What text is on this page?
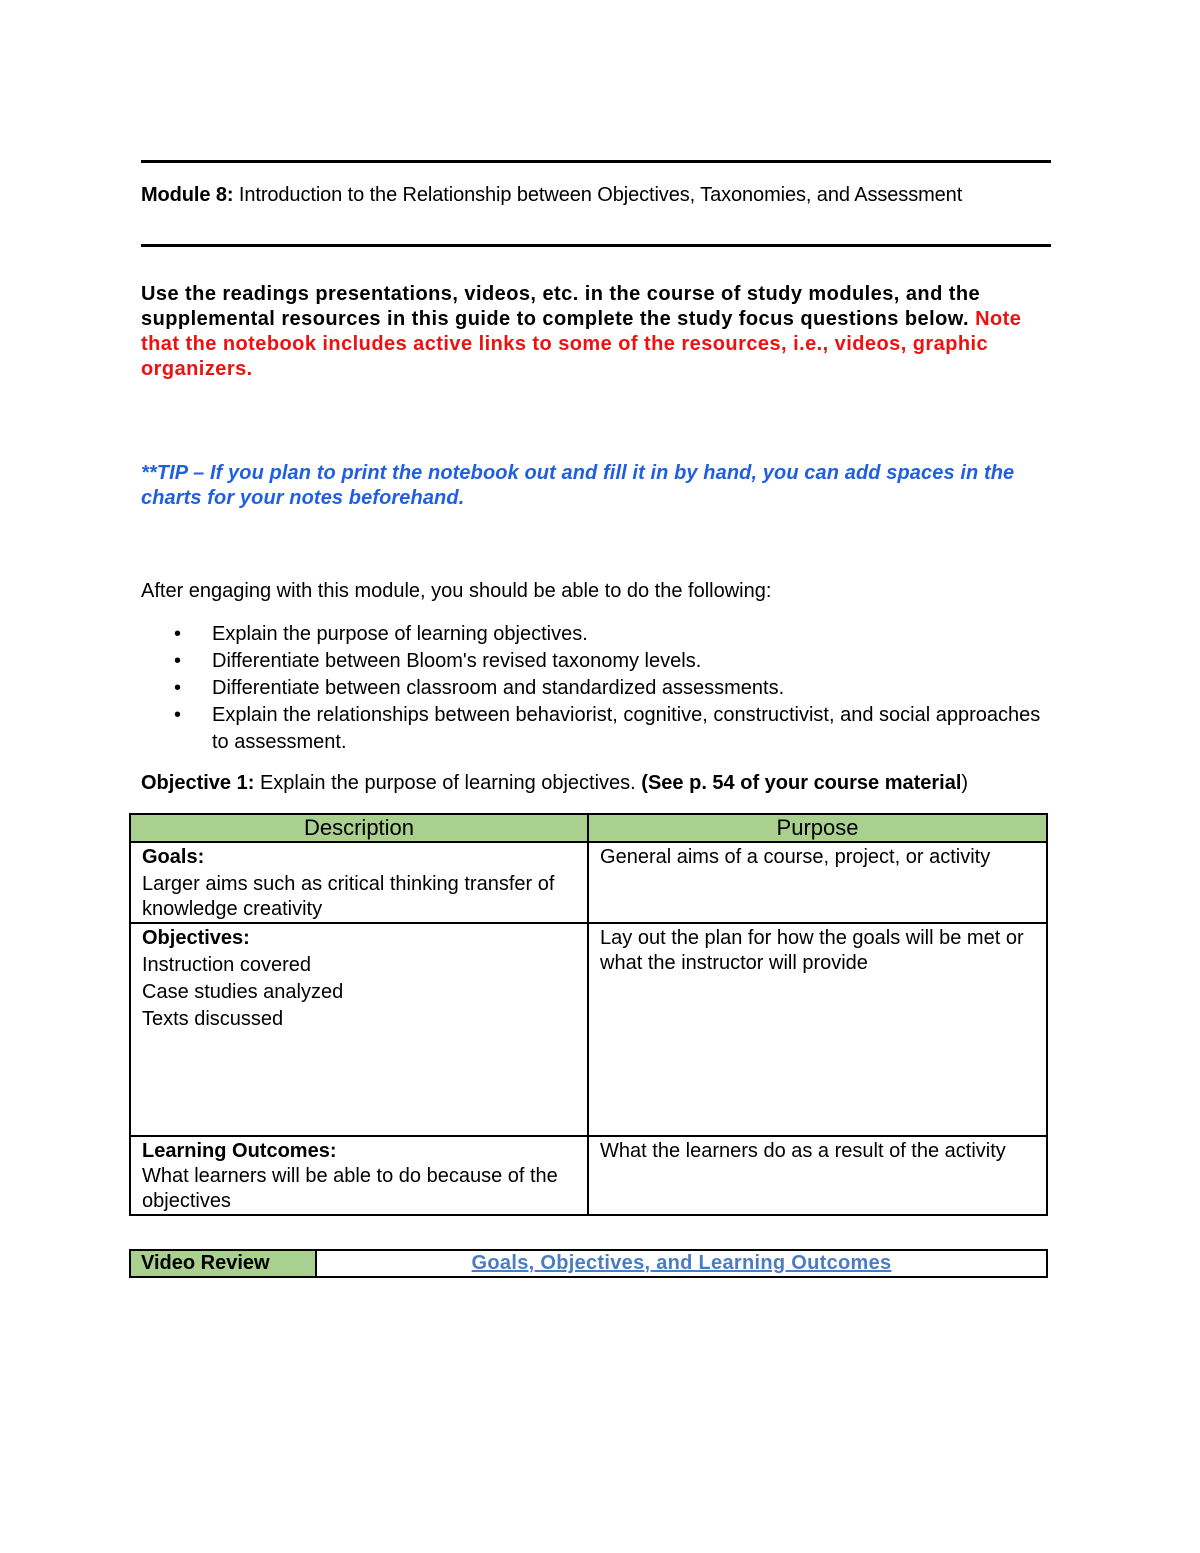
Module 8: Introduction to the Relationship between Objectives, Taxonomies, and Assessment
Use the readings presentations, videos, etc. in the course of study modules, and the supplemental resources in this guide to complete the study focus questions below. Note that the notebook includes active links to some of the resources, i.e., videos, graphic organizers.
**TIP – If you plan to print the notebook out and fill it in by hand, you can add spaces in the charts for your notes beforehand.
After engaging with this module, you should be able to do the following:
• Explain the purpose of learning objectives.
• Differentiate between Bloom's revised taxonomy levels.
• Differentiate between classroom and standardized assessments.
• Explain the relationships between behaviorist, cognitive, constructivist, and social approaches to assessment.
Objective 1: Explain the purpose of learning objectives. (See p. 54 of your course material)
Description	Purpose

Goals:
Larger aims such as critical thinking transfer of knowledge creativity	General aims of a course, project, or activity

Objectives:
Instruction covered
Case studies analyzed
Texts discussed	Lay out the plan for how the goals will be met or what the instructor will provide

Learning Outcomes:
What learners will be able to do because of the objectives	What the learners do as a result of the activity
Video Review	Goals, Objectives, and Learning Outcomes
